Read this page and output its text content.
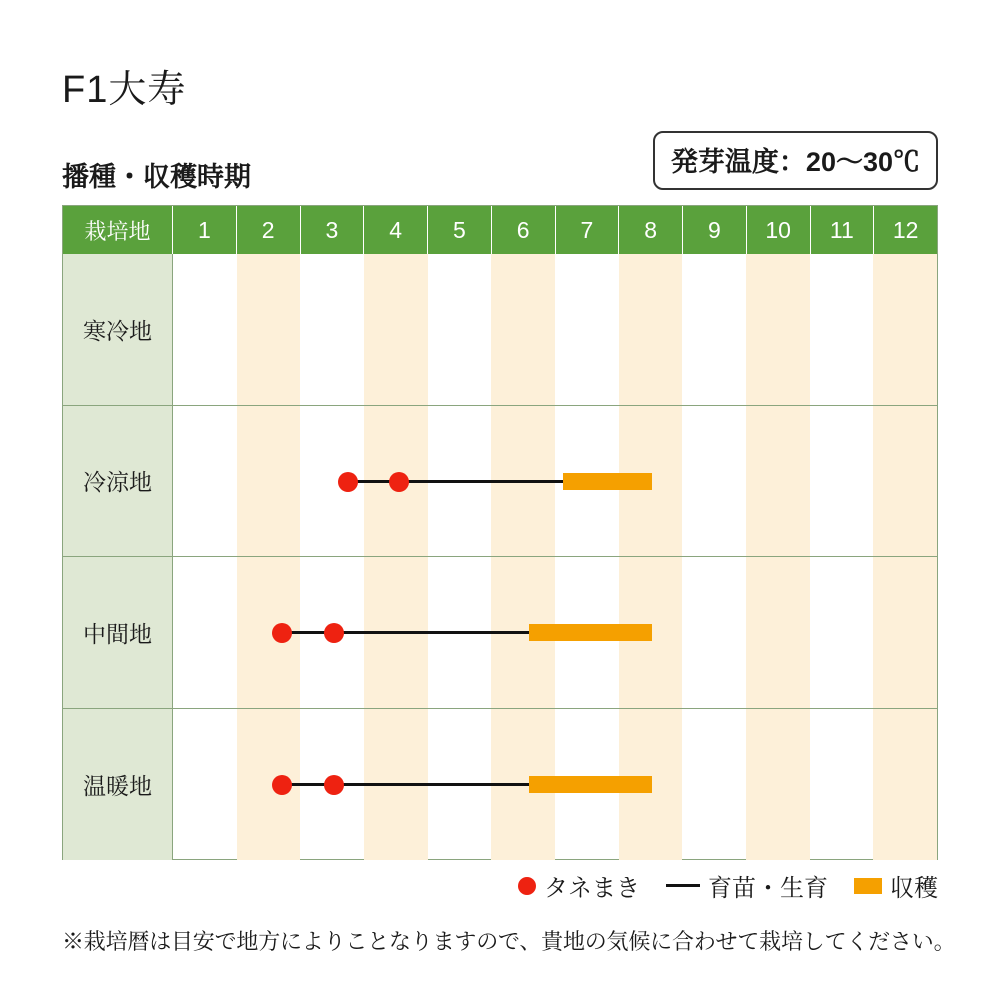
F1大寿
播種・収穫時期	発芽温度：20〜30℃
栽培地	1	2	3	4	5	6	7	8	9	10	11	12
寒冷地
冷涼地
中間地
温暖地
タネまき	育苗・生育	収穫
※栽培暦は目安で地方によりことなりますので、貴地の気候に合わせて栽培してください。
